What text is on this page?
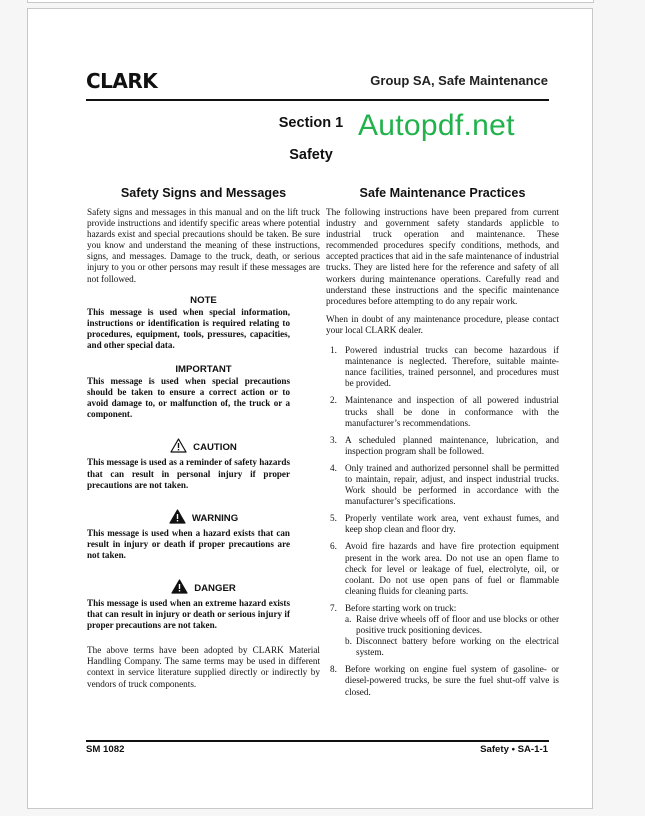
CLARK	Group SA, Safe Maintenance
Section 1
Safety
Safety Signs and Messages

Safety signs and messages in this manual and on the lift truck provide instructions and identify specific areas where potential hazards exist and special precautions should be taken. Be sure you know and understand the meaning of these instructions, signs, and messages. Damage to the truck, death, or serious injury to you or other persons may result if these messages are not followed.

NOTE

This message is used when special information, instructions or identification is required relating to procedures, equipment, tools, pressures, capacities, and other special data.

IMPORTANT

This message is used when special precautions should be taken to ensure a correct action or to avoid damage to, or malfunction of, the truck or a component.

CAUTION

This message is used as a reminder of safety hazards that can result in personal injury if proper precautions are not taken.

WARNING

This message is used when a hazard exists that can result in injury or death if proper precautions are not taken.

DANGER

This message is used when an extreme hazard exists that can result in injury or death or serious injury if proper precautions are not taken.

The above terms have been adopted by CLARK Material Handling Company. The same terms may be used in different context in service literature supplied directly or indirectly by vendors of truck components.

Safe Maintenance Practices

The following instructions have been prepared from current industry and government safety standards applicble to industrial truck operation and maintenance. These recommended procedures specify conditions, methods, and accepted practices that aid in the safe maintenance of industrial trucks. They are listed here for the reference and safety of all workers during maintenance operations. Carefully read and understand these instructions and the specific maintenance procedures before attempting to do any repair work.

When in doubt of any maintenance procedure, please contact your local CLARK dealer.

1. Powered industrial trucks can become hazardous if maintenance is neglected. Therefore, suitable mainte-nance facilities, trained personnel, and procedures must be provided.
2. Maintenance and inspection of all powered industrial trucks shall be done in conformance with the manufacturer’s recommendations.
3. A scheduled planned maintenance, lubrication, and inspection program shall be followed.
4. Only trained and authorized personnel shall be permitted to maintain, repair, adjust, and inspect industrial trucks. Work should be performed in accordance with the manufacturer’s specifications.
5. Properly ventilate work area, vent exhaust fumes, and keep shop clean and floor dry.
6. Avoid fire hazards and have fire protection equipment present in the work area. Do not use an open flame to check for level or leakage of fuel, electrolyte, oil, or coolant. Do not use open pans of fuel or flammable cleaning fluids for cleaning parts.
7. Before starting work on truck:
a. Raise drive wheels off of floor and use blocks or other positive truck positioning devices.
b. Disconnect battery before working on the electrical system.
8. Before working on engine fuel system of gasoline- or diesel-powered trucks, be sure the fuel shut-off valve is closed.
SM 1082	Safety • SA-1-1
Autopdf.net
